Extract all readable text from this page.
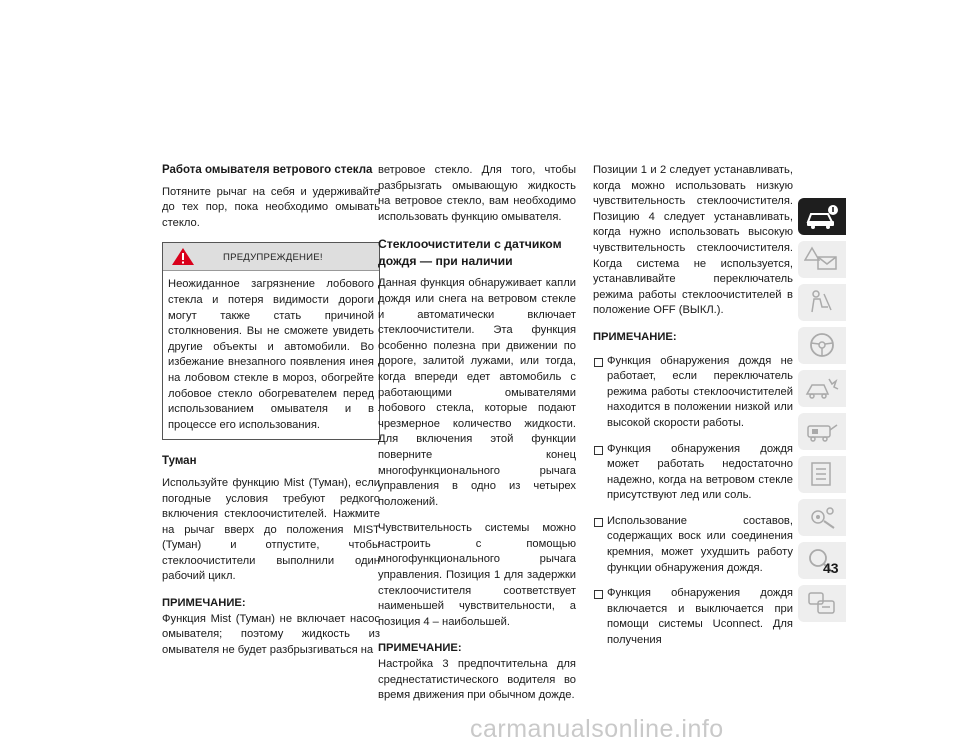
Работа омывателя ветрового стекла

Потяните рычаг на себя и удерживайте до тех пор, пока необходимо омывать стекло.

ПРЕДУПРЕЖДЕНИЕ!
Неожиданное загрязнение лобового стекла и потеря видимости дороги могут также стать причиной столкновения. Вы не сможете увидеть другие объекты и автомобили. Во избежание внезапного появления инея на лобовом стекле в мороз, обогрейте лобовое стекло обогревателем перед использованием омывателя и в процессе его использования.
Туман

Используйте функцию Mist (Туман), если погодные условия требуют редкого включения стеклоочистителей. Нажмите на рычаг вверх до положения MIST (Туман) и отпустите, чтобы стеклоочистители выполнили один рабочий цикл.

ПРИМЕЧАНИЕ:

Функция Mist (Туман) не включает насос омывателя; поэтому жидкость из омывателя не будет разбрызгиваться на

ветровое стекло. Для того, чтобы разбрызгать омывающую жидкость на ветровое стекло, вам необходимо использовать функцию омывателя.

Стеклоочистители с датчиком дождя — при наличии

Данная функция обнаруживает капли дождя или снега на ветровом стекле и автоматически включает стеклоочистители. Эта функция особенно полезна при движении по дороге, залитой лужами, или тогда, когда впереди едет автомобиль с работающими омывателями лобового стекла, которые подают чрезмерное количество жидкости. Для включения этой функции поверните конец многофункционального рычага управления в одно из четырех положений.

Чувствительность системы можно настроить с помощью многофункционального рычага управления. Позиция 1 для задержки стеклоочистителя соответствует наименьшей чувствительности, а позиция 4 – наибольшей.

ПРИМЕЧАНИЕ:

Настройка 3 предпочтительна для среднестатистического водителя во время движения при обычном дожде.

Позиции 1 и 2 следует устанавливать, когда можно использовать низкую чувствительность стеклоочистителя. Позицию 4 следует устанавливать, когда нужно использовать высокую чувствительность стеклоочистителя. Когда система не используется, устанавливайте переключатель режима работы стеклоочистителей в положение OFF (ВЫКЛ.).

ПРИМЕЧАНИЕ:
Функция обнаружения дождя не работает, если переключатель режима работы стеклоочистителей находится в положении низкой или высокой скорости работы.
Функция обнаружения дождя может работать недостаточно надежно, когда на ветровом стекле присутствуют лед или соль.
Использование составов, содержащих воск или соединения кремния, может ухудшить работу функции обнаружения дождя.
Функция обнаружения дождя включается и выключается при помощи системы Uconnect. Для получения
43
carmanualsonline.info
